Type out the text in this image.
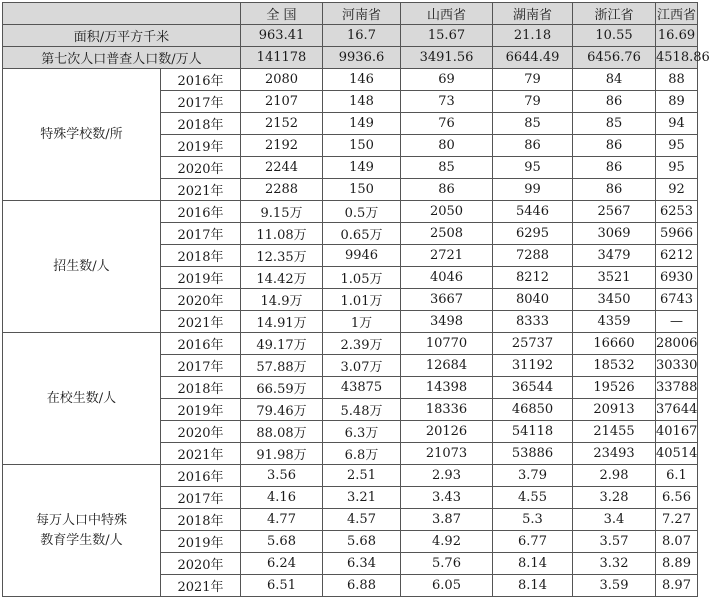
		全 国	河南省	山西省	湖南省	浙江省	江西省
面积/万平方千米		963.41	16.7	15.67	21.18	10.55	16.69
第七次人口普查人口数/万人		141178	9936.6	3491.56	6644.49	6456.76	4518.86
特殊学校数/所	2016年	2080	146	69	79	84	88
	2017年	2107	148	73	79	86	89
	2018年	2152	149	76	85	85	94
	2019年	2192	150	80	86	86	95
	2020年	2244	149	85	95	86	95
	2021年	2288	150	86	99	86	92
招生数/人	2016年	9.15万	0.5万	2050	5446	2567	6253
	2017年	11.08万	0.65万	2508	6295	3069	5966
	2018年	12.35万	9946	2721	7288	3479	6212
	2019年	14.42万	1.05万	4046	8212	3521	6930
	2020年	14.9万	1.01万	3667	8040	3450	6743
	2021年	14.91万	1万	3498	8333	4359	—
在校生数/人	2016年	49.17万	2.39万	10770	25737	16660	28006
	2017年	57.88万	3.07万	12684	31192	18532	30330
	2018年	66.59万	43875	14398	36544	19526	33788
	2019年	79.46万	5.48万	18336	46850	20913	37644
	2020年	88.08万	6.3万	20126	54118	21455	40167
	2021年	91.98万	6.8万	21073	53886	23493	40514

每万人口中特殊
教育学生数/人	2016年	3.56	2.51	2.93	3.79	2.98	6.1
	2017年	4.16	3.21	3.43	4.55	3.28	6.56
	2018年	4.77	4.57	3.87	5.3	3.4	7.27
	2019年	5.68	5.68	4.92	6.77	3.57	8.07
	2020年	6.24	6.34	5.76	8.14	3.32	8.89
	2021年	6.51	6.88	6.05	8.14	3.59	8.97
